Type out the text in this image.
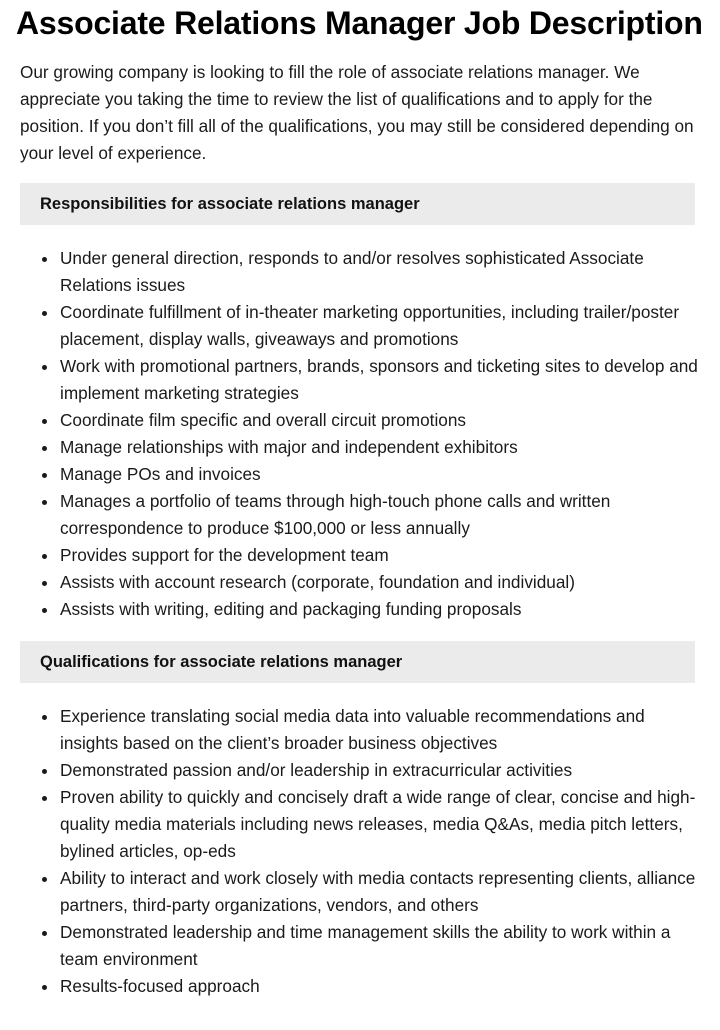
Associate Relations Manager Job Description

Our growing company is looking to fill the role of associate relations manager. We appreciate you taking the time to review the list of qualifications and to apply for the position. If you don’t fill all of the qualifications, you may still be considered depending on your level of experience.

Responsibilities for associate relations manager
Under general direction, responds to and/or resolves sophisticated Associate Relations issues
Coordinate fulfillment of in-theater marketing opportunities, including trailer/poster placement, display walls, giveaways and promotions
Work with promotional partners, brands, sponsors and ticketing sites to develop and implement marketing strategies
Coordinate film specific and overall circuit promotions
Manage relationships with major and independent exhibitors
Manage POs and invoices
Manages a portfolio of teams through high-touch phone calls and written correspondence to produce $100,000 or less annually
Provides support for the development team
Assists with account research (corporate, foundation and individual)
Assists with writing, editing and packaging funding proposals
Qualifications for associate relations manager
Experience translating social media data into valuable recommendations and insights based on the client’s broader business objectives
Demonstrated passion and/or leadership in extracurricular activities
Proven ability to quickly and concisely draft a wide range of clear, concise and high-quality media materials including news releases, media Q&As, media pitch letters, bylined articles, op-eds
Ability to interact and work closely with media contacts representing clients, alliance partners, third-party organizations, vendors, and others
Demonstrated leadership and time management skills the ability to work within a team environment
Results-focused approach
